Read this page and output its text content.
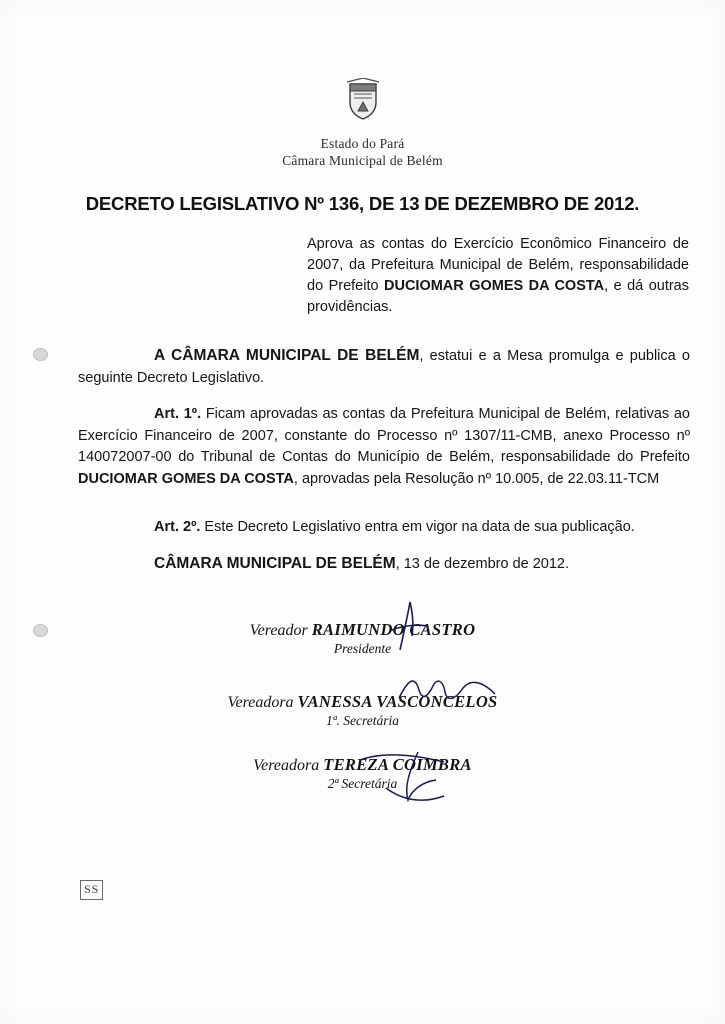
Estado do Pará
Câmara Municipal de Belém
DECRETO LEGISLATIVO Nº 136, DE 13 DE DEZEMBRO DE 2012.
Aprova as contas do Exercício Econômico Financeiro de 2007, da Prefeitura Municipal de Belém, responsabilidade do Prefeito DUCIOMAR GOMES DA COSTA, e dá outras providências.
A CÂMARA MUNICIPAL DE BELÉM, estatui e a Mesa promulga e publica o seguinte Decreto Legislativo.
Art. 1º. Ficam aprovadas as contas da Prefeitura Municipal de Belém, relativas ao Exercício Financeiro de 2007, constante do Processo nº 1307/11-CMB, anexo Processo nº 140072007-00 do Tribunal de Contas do Município de Belém, responsabilidade do Prefeito DUCIOMAR GOMES DA COSTA, aprovadas pela Resolução nº 10.005, de 22.03.11-TCM
Art. 2º. Este Decreto Legislativo entra em vigor na data de sua publicação.
CÂMARA MUNICIPAL DE BELÉM, 13 de dezembro de 2012.
Vereador RAIMUNDO CASTRO
Presidente
Vereadora VANESSA VASCONCELOS
1ª. Secretária
Vereadora TEREZA COIMBRA
2ª Secretária
SS
